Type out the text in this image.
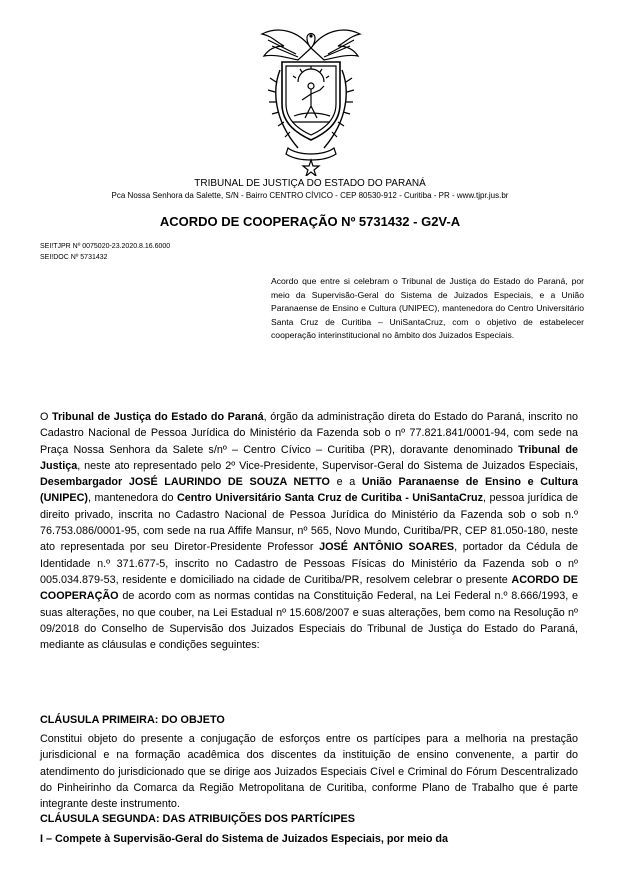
TRIBUNAL DE JUSTIÇA DO ESTADO DO PARANÁ
Pca Nossa Senhora da Salette, S/N - Bairro CENTRO CÍVICO - CEP 80530-912 - Curitiba - PR - www.tjpr.jus.br
ACORDO DE COOPERAÇÃO Nº 5731432 - G2V-A
SEI!TJPR Nº 0075020-23.2020.8.16.6000
SEI!DOC Nº 5731432
Acordo que entre si celebram o Tribunal de Justiça do Estado do Paraná, por meio da Supervisão-Geral do Sistema de Juizados Especiais, e a União Paranaense de Ensino e Cultura (UNIPEC), mantenedora do Centro Universitário Santa Cruz de Curitiba – UniSantaCruz, com o objetivo de estabelecer cooperação interinstitucional no âmbito dos Juizados Especiais.
O Tribunal de Justiça do Estado do Paraná, órgão da administração direta do Estado do Paraná, inscrito no Cadastro Nacional de Pessoa Jurídica do Ministério da Fazenda sob o nº 77.821.841/0001-94, com sede na Praça Nossa Senhora da Salete s/nº – Centro Cívico – Curitiba (PR), doravante denominado Tribunal de Justiça, neste ato representado pelo 2º Vice-Presidente, Supervisor-Geral do Sistema de Juizados Especiais, Desembargador JOSÉ LAURINDO DE SOUZA NETTO e a União Paranaense de Ensino e Cultura (UNIPEC), mantenedora do Centro Universitário Santa Cruz de Curitiba - UniSantaCruz, pessoa jurídica de direito privado, inscrita no Cadastro Nacional de Pessoa Jurídica do Ministério da Fazenda sob o sob n.º 76.753.086/0001-95, com sede na rua Affife Mansur, nº 565, Novo Mundo, Curitiba/PR, CEP 81.050-180, neste ato representada por seu Diretor-Presidente Professor JOSÉ ANTÔNIO SOARES, portador da Cédula de Identidade n.º 371.677-5, inscrito no Cadastro de Pessoas Físicas do Ministério da Fazenda sob o nº 005.034.879-53, residente e domiciliado na cidade de Curitiba/PR, resolvem celebrar o presente ACORDO DE COOPERAÇÃO de acordo com as normas contidas na Constituição Federal, na Lei Federal n.º 8.666/1993, e suas alterações, no que couber, na Lei Estadual nº 15.608/2007 e suas alterações, bem como na Resolução nº 09/2018 do Conselho de Supervisão dos Juizados Especiais do Tribunal de Justiça do Estado do Paraná, mediante as cláusulas e condições seguintes:
CLÁUSULA PRIMEIRA: DO OBJETO
Constitui objeto do presente a conjugação de esforços entre os partícipes para a melhoria na prestação jurisdicional e na formação acadêmica dos discentes da instituição de ensino convenente, a partir do atendimento do jurisdicionado que se dirige aos Juizados Especiais Cível e Criminal do Fórum Descentralizado do Pinheirinho da Comarca da Região Metropolitana de Curitiba, conforme Plano de Trabalho que é parte integrante deste instrumento.
CLÁUSULA SEGUNDA: DAS ATRIBUIÇÕES DOS PARTÍCIPES
I – Compete à Supervisão-Geral do Sistema de Juizados Especiais, por meio da
